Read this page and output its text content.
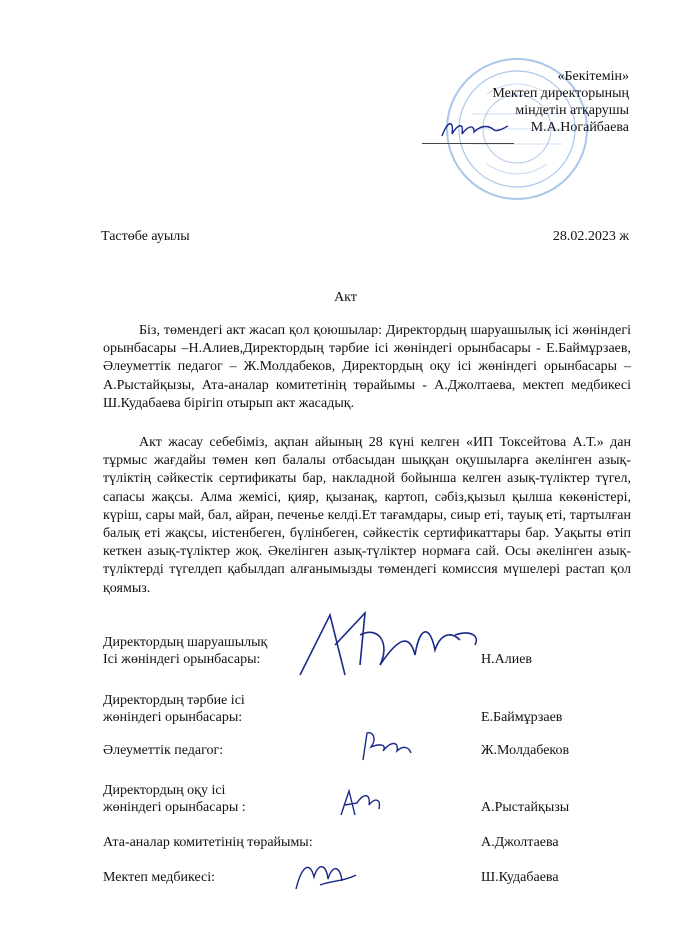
«Бекітемін»
Мектеп директорының
міндетін атқарушы
М.А.Ногайбаева
Тастөбе ауылы	28.02.2023 ж
Акт
Біз, төмендегі акт жасап қол қоюшылар: Директордың шаруашылық ісі жөніндегі орынбасары –Н.Алиев,Директордың тәрбие ісі жөніндегі орынбасары - Е.Баймұрзаев, Әлеуметтік педагог – Ж.Молдабеков, Директордың оқу ісі жөніндегі орынбасары – А.Рыстайқызы, Ата-аналар комитетінің төрайымы - А.Джолтаева, мектеп медбикесі Ш.Кудабаева бірігіп отырып акт жасадық.
Акт жасау себебіміз, ақпан айының 28 күні келген «ИП Токсейтова А.Т.» дан тұрмыс жағдайы төмен көп балалы отбасыдан шыққан оқушыларға әкелінген азық-түліктің сәйкестік сертификаты бар, накладной бойынша келген азық-түліктер түгел, сапасы жақсы. Алма жемісі, қияр, қызанақ, картоп, сәбіз,қызыл қылша көкөністері, күріш, сары май, бал, айран, печенье келді.Ет тағамдары, сиыр еті, тауық еті, тартылған балық еті жақсы, иістенбеген, бүлінбеген, сәйкестік сертификаттары бар. Уақыты өтіп кеткен азық-түліктер жоқ. Әкелінген азық-түліктер нормаға сай. Осы әкелінген азық-түліктерді түгелдеп қабылдап алғанымызды төмендегі комиссия мүшелері растап қол қоямыз.
Директордың шаруашылық
Ісі жөніндегі орынбасары:	Н.Алиев
Директордың тәрбие ісі
жөніндегі орынбасары:	Е.Баймұрзаев
Әлеуметтік педагог:	Ж.Молдабеков
Директордың оқу ісі
жөніндегі орынбасары :	А.Рыстайқызы
Ата-аналар комитетінің төрайымы:	А.Джолтаева
Мектеп медбикесі:	Ш.Кудабаева
